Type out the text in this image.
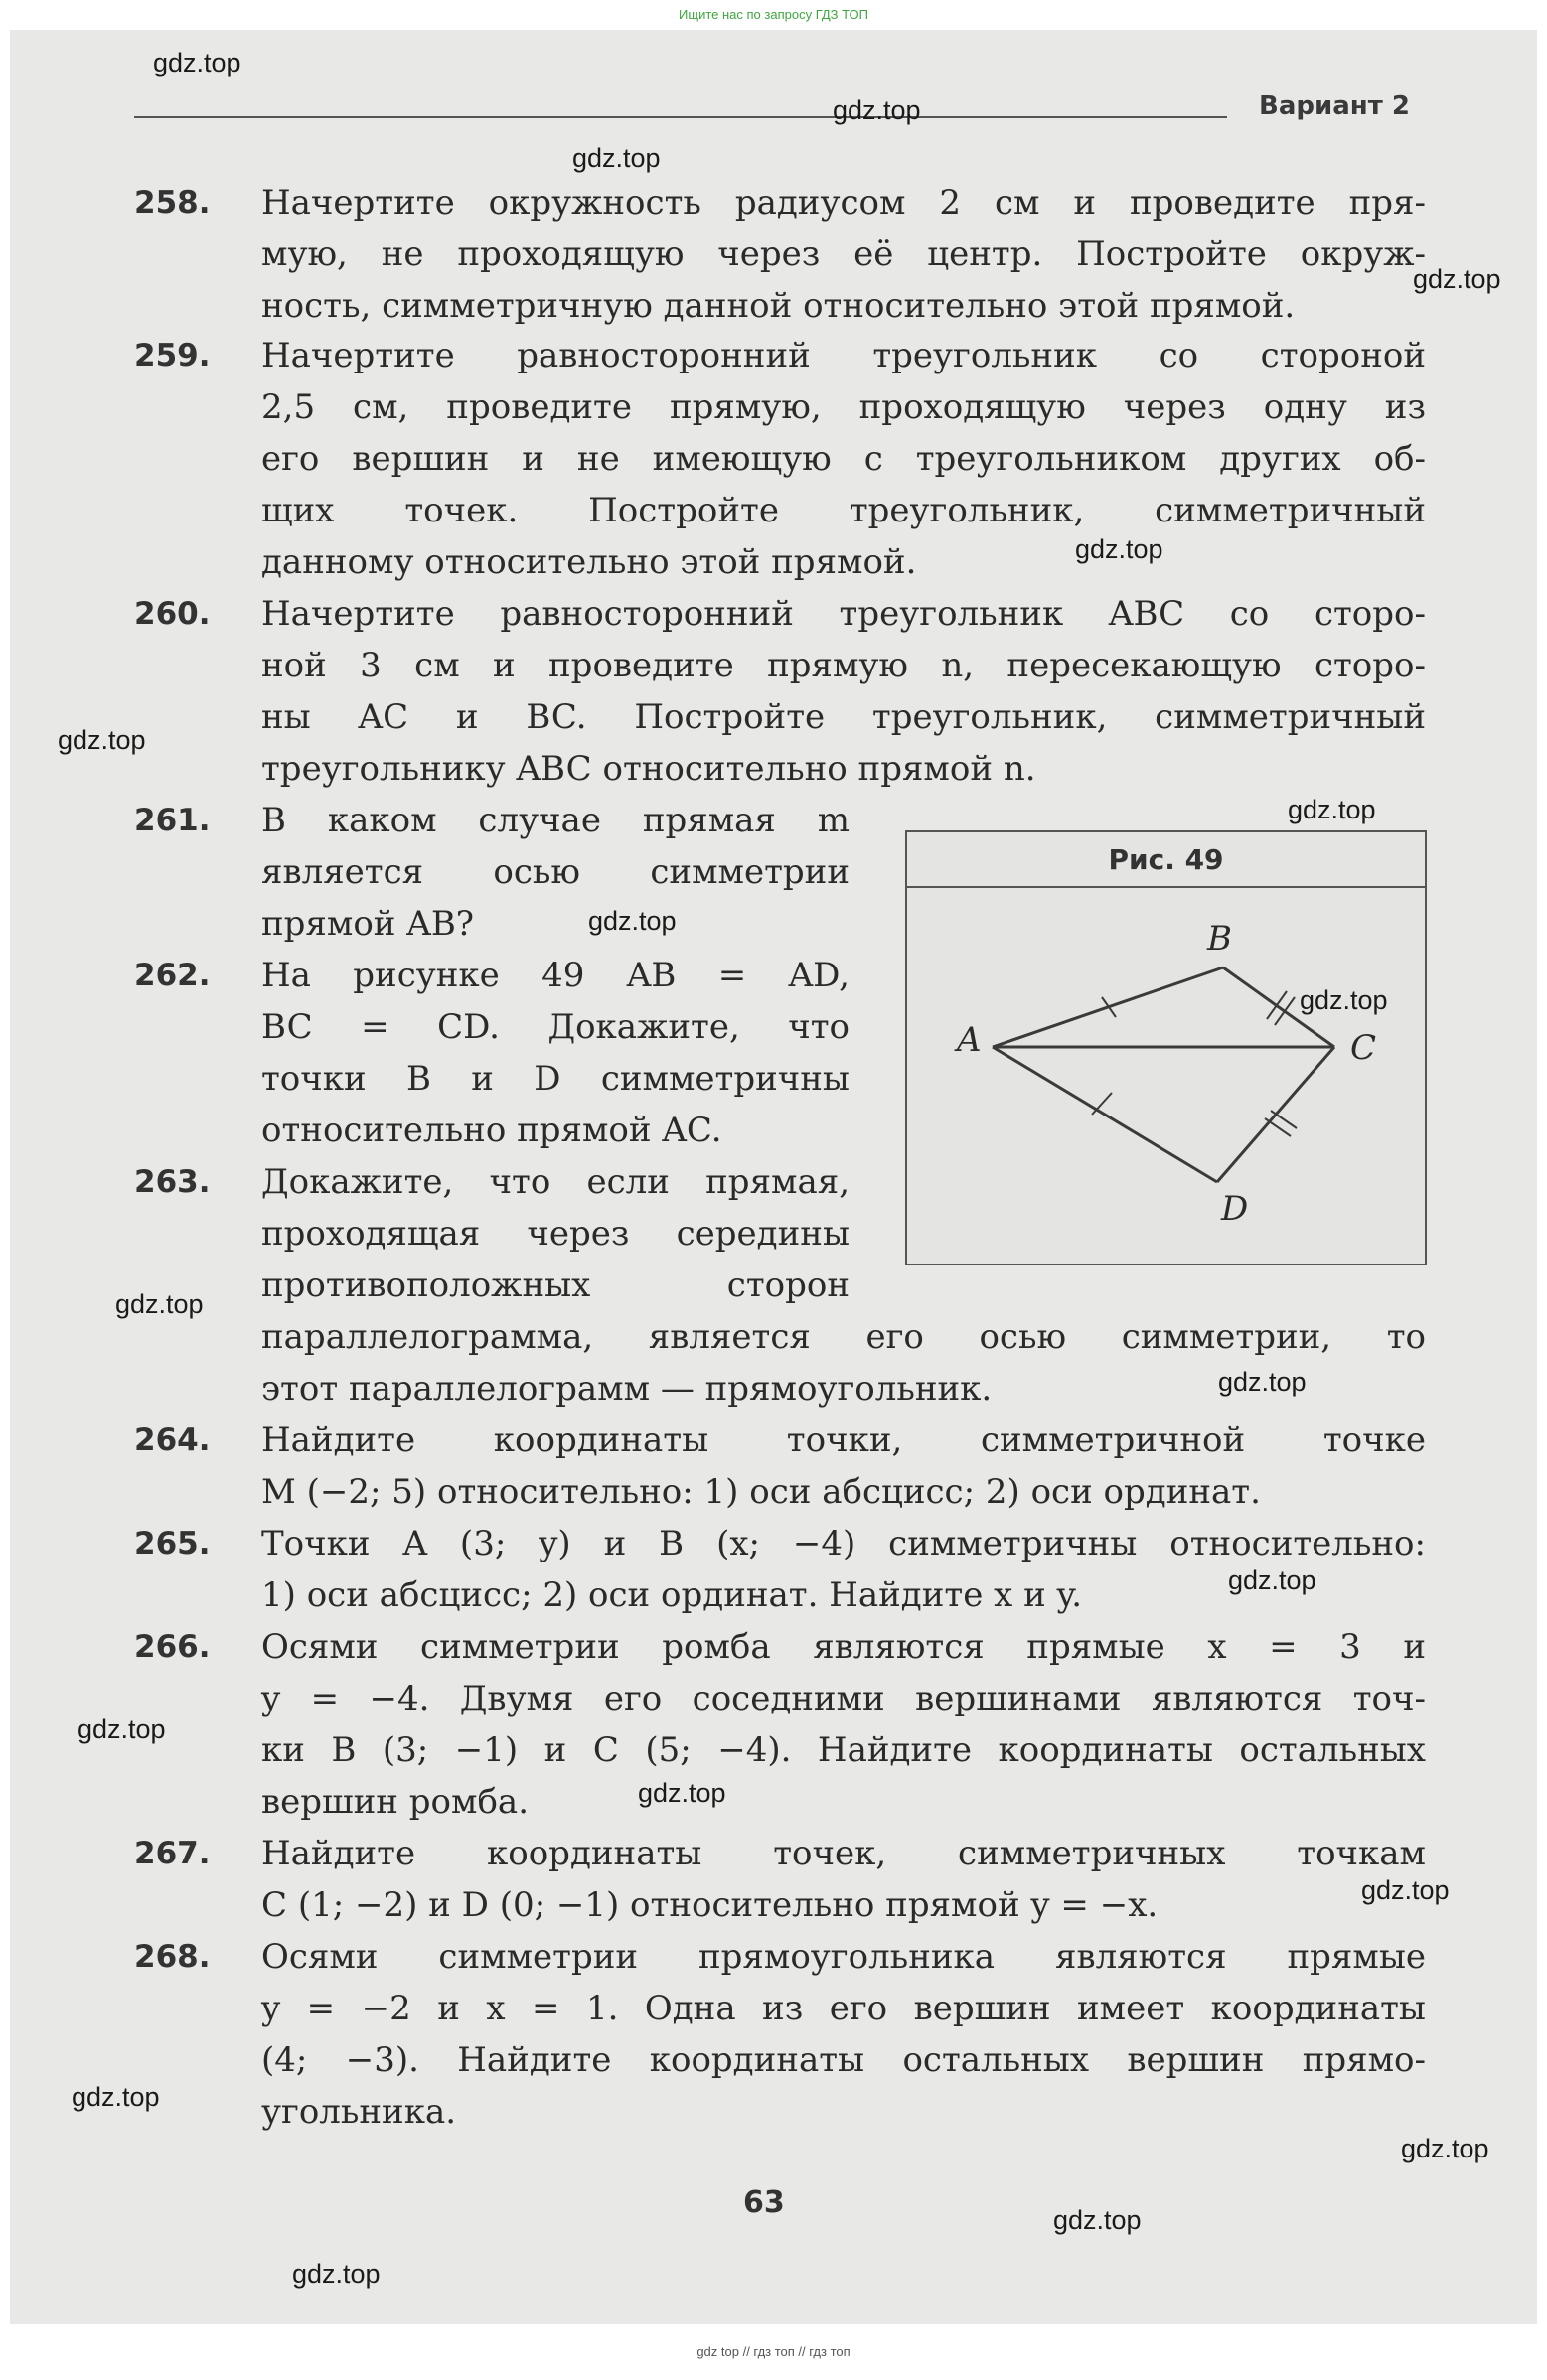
Ищите нас по запросу ГДЗ ТОП
Вариант 2
258. Начертите окружность радиусом 2 см и проведите пря-
мую, не проходящую через её центр. Постройте окруж-
ность, симметричную данной относительно этой прямой.
259. Начертите равносторонний треугольник со стороной
2,5 см, проведите прямую, проходящую через одну из
его вершин и не имеющую с треугольником других об-
щих точек. Постройте треугольник, симметричный
данному относительно этой прямой.
260. Начертите равносторонний треугольник ABC со сторо-
ной 3 см и проведите прямую n, пересекающую сторо-
ны AC и BC. Постройте треугольник, симметричный
треугольнику ABC относительно прямой n.
261. В каком случае прямая m
является осью симметрии
прямой AB?
262. На рисунке 49 AB = AD,
BC = CD. Докажите, что
точки B и D симметричны
относительно прямой AC.
263. Докажите, что если прямая,
проходящая через середины
противоположных сторон
параллелограмма, является его осью симметрии, то
этот параллелограмм — прямоугольник.
264. Найдите координаты точки, симметричной точке
M (−2; 5) относительно: 1) оси абсцисс; 2) оси ординат.
265. Точки A (3; y) и B (x; −4) симметричны относительно:
1) оси абсцисс; 2) оси ординат. Найдите x и y.
266. Осями симметрии ромба являются прямые x = 3 и
y = −4. Двумя его соседними вершинами являются точ-
ки B (3; −1) и C (5; −4). Найдите координаты остальных
вершин ромба.
267. Найдите координаты точек, симметричных точкам
C (1; −2) и D (0; −1) относительно прямой y = −x.
268. Осями симметрии прямоугольника являются прямые
y = −2 и x = 1. Одна из его вершин имеет координаты
(4; −3). Найдите координаты остальных вершин прямо-
угольника.
Рис. 49
A
B
C
D
63
gdz.top
gdz.top
gdz.top
gdz.top
gdz.top
gdz.top
gdz.top
gdz.top
gdz.top
gdz.top
gdz.top
gdz.top
gdz.top
gdz.top
gdz.top
gdz.top
gdz.top
gdz.top
gdz.top
gdz top // гдз топ // гдз топ
